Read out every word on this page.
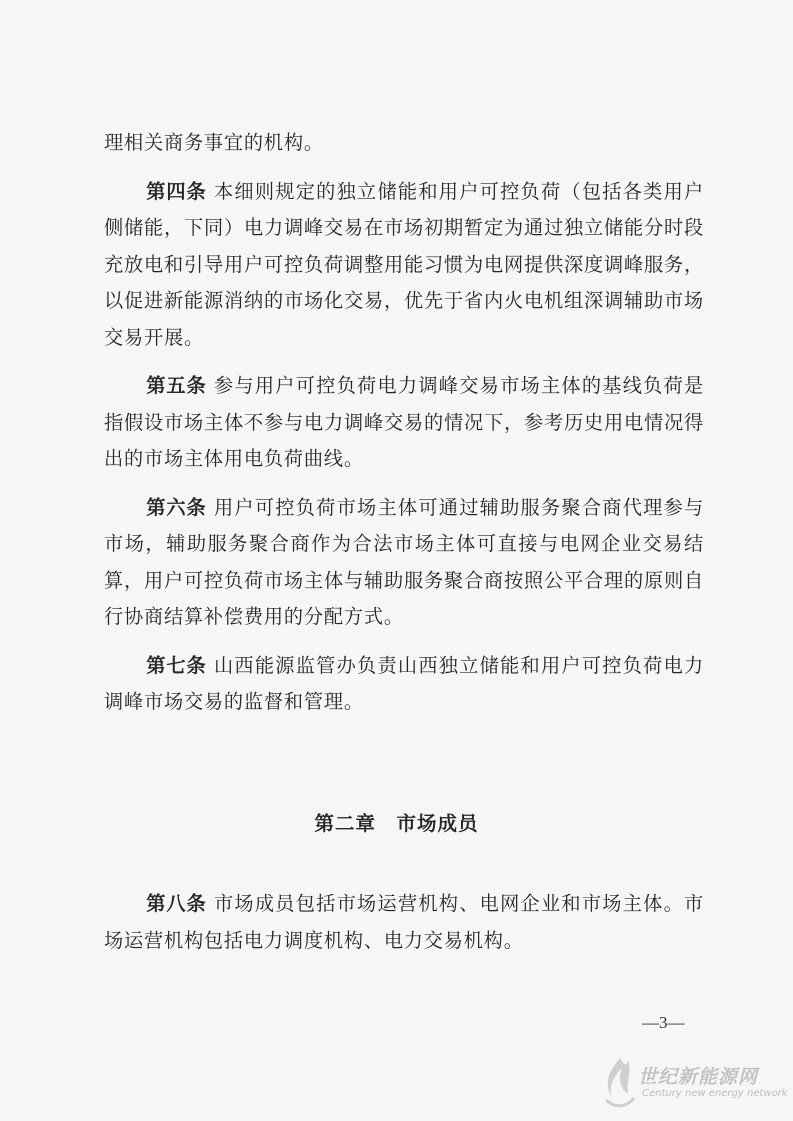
理相关商务事宜的机构。

第四条 本细则规定的独立储能和用户可控负荷（包括各类用户侧储能，下同）电力调峰交易在市场初期暂定为通过独立储能分时段充放电和引导用户可控负荷调整用能习惯为电网提供深度调峰服务，以促进新能源消纳的市场化交易，优先于省内火电机组深调辅助市场交易开展。

第五条 参与用户可控负荷电力调峰交易市场主体的基线负荷是指假设市场主体不参与电力调峰交易的情况下，参考历史用电情况得出的市场主体用电负荷曲线。

第六条 用户可控负荷市场主体可通过辅助服务聚合商代理参与市场，辅助服务聚合商作为合法市场主体可直接与电网企业交易结算，用户可控负荷市场主体与辅助服务聚合商按照公平合理的原则自行协商结算补偿费用的分配方式。

第七条 山西能源监管办负责山西独立储能和用户可控负荷电力调峰市场交易的监督和管理。

第二章　市场成员

第八条 市场成员包括市场运营机构、电网企业和市场主体。市场运营机构包括电力调度机构、电力交易机构。

—3—
世纪新能源网
Century new energy network
